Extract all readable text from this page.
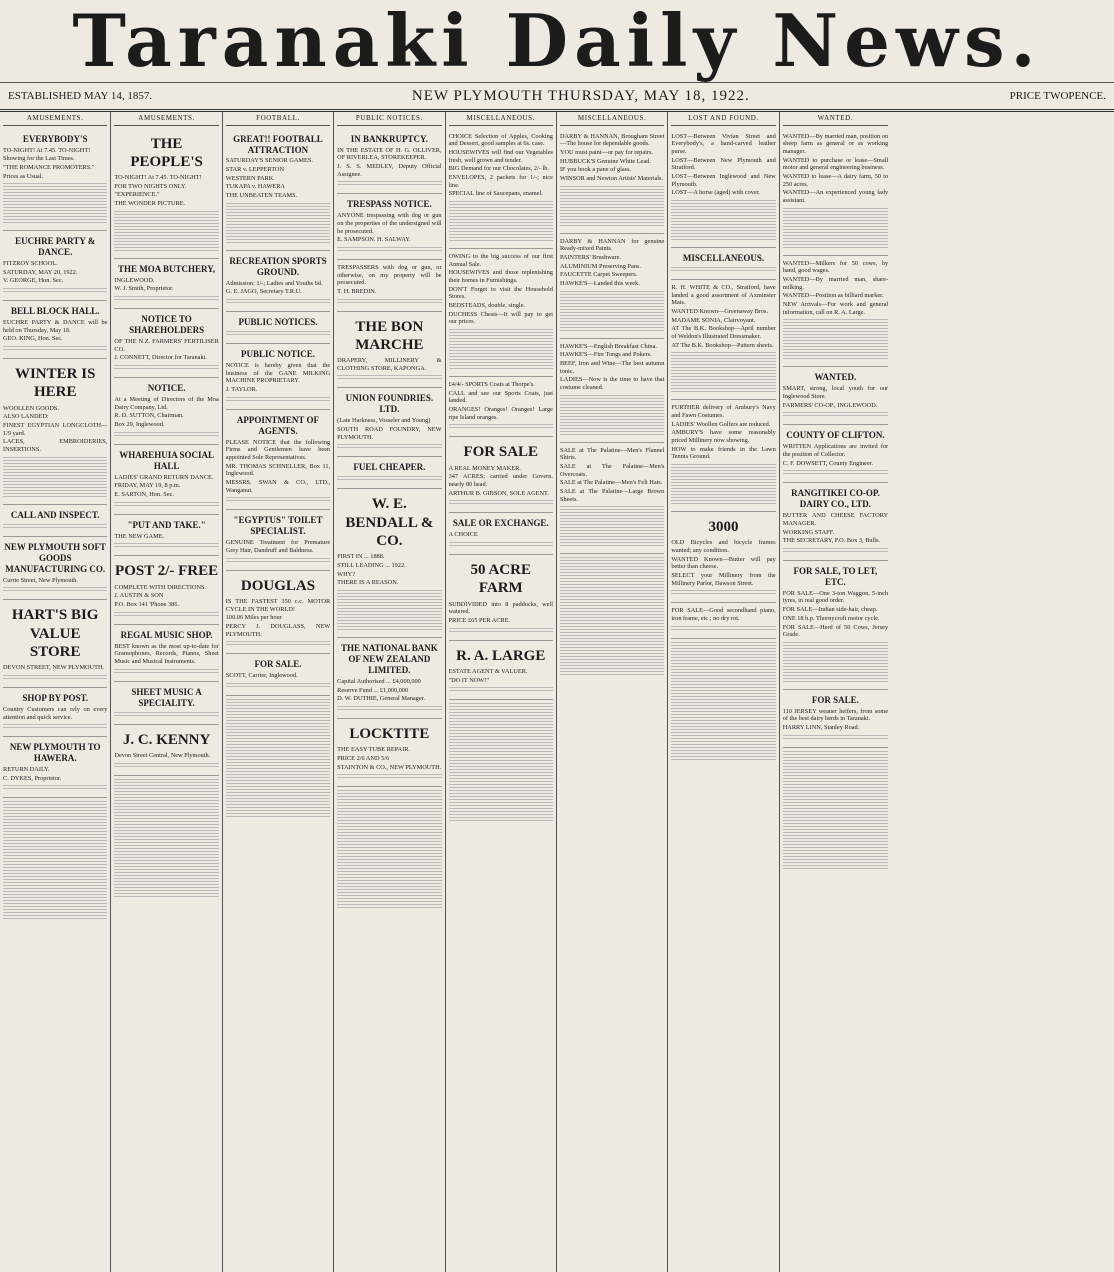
Taranaki Daily News.
ESTABLISHED MAY 14, 1857.	NEW PLYMOUTH THURSDAY, MAY 18, 1922.	PRICE TWOPENCE.
AMUSEMENTS.
EVERYBODY'S

TO-NIGHT! At 7.45. TO-NIGHT!

Showing for the Last Times.

"THE ROMANCE PROMOTERS."

Prices as Usual.

EUCHRE PARTY & DANCE.

FITZROY SCHOOL.

SATURDAY, MAY 20, 1922.

V. GEORGE, Hon. Sec.

BELL BLOCK HALL.

EUCHRE PARTY & DANCE will be held on Thursday, May 18.

GEO. KING, Hon. Sec.

WINTER IS HERE

WOOLLEN GOODS.

ALSO LANDED:

FINEST EGYPTIAN LONGCLOTH—1/9 yard.

LACES, EMBROIDERIES, INSERTIONS.

CALL AND INSPECT.
NEW PLYMOUTH SOFT GOODS MANUFACTURING CO.

Currie Street, New Plymouth.

HART'S BIG VALUE STORE

DEVON STREET, NEW PLYMOUTH.

SHOP BY POST.

Country Customers can rely on every attention and quick service.

NEW PLYMOUTH TO HAWERA.

RETURN DAILY.

C. DYKES, Proprietor.

AMUSEMENTS.
THE PEOPLE'S

TO-NIGHT! At 7.45. TO-NIGHT!

FOR TWO NIGHTS ONLY.

"EXPERIENCE."

THE WONDER PICTURE.

THE MOA BUTCHERY,

INGLEWOOD.

W. J. Smith, Proprietor.

NOTICE TO SHAREHOLDERS

OF THE N.Z. FARMERS' FERTILISER CO.

J. CONNETT, Director for Taranaki.

NOTICE.

At a Meeting of Directors of the Moa Dairy Company, Ltd.

R. D. SUTTON, Chairman.

Box 29, Inglewood.

WHAREHUIA SOCIAL HALL

LADIES' GRAND RETURN DANCE.

FRIDAY, MAY 19, 8 p.m.

E. SARTON, Hon. Sec.

"PUT AND TAKE."

THE NEW GAME.

POST 2/- FREE

COMPLETE WITH DIRECTIONS.

J. AUSTIN & SON

P.O. Box 141 'Phone 386.

REGAL MUSIC SHOP.

BEST known as the most up-to-date for Gramophones, Records, Pianos, Sheet Music and Musical Instruments.

SHEET MUSIC A SPECIALITY.
J. C. KENNY

Devon Street Central, New Plymouth.

FOOTBALL.
GREAT!! FOOTBALL ATTRACTION

SATURDAY'S SENIOR GAMES.

STAR v. LEPPERTON

WESTERN PARK.

TUKAPA v. HAWERA

THE UNBEATEN TEAMS.

RECREATION SPORTS GROUND.

Admission: 1/-; Ladies and Youths 6d.

G. E. JAGO, Secretary T.R.U.

PUBLIC NOTICES.
PUBLIC NOTICE.

NOTICE is hereby given that the business of the GANE MILKING MACHINE PROPRIETARY.

J. TAYLOR.

APPOINTMENT OF AGENTS.

PLEASE NOTICE that the following Firms and Gentlemen have been appointed Sole Representatives.

MR. THOMAS SCHNELLER, Box 11, Inglewood.

MESSRS. SWAN & CO., LTD., Wanganui.

"EGYPTUS" TOILET SPECIALIST.

GENUINE Treatment for Premature Grey Hair, Dandruff and Baldness.

DOUGLAS

IS THE FASTEST 350 c.c. MOTOR CYCLE IN THE WORLD!

100.06 Miles per hour

PERCY J. DOUGLASS, NEW PLYMOUTH.

FOR SALE.

SCOTT, Carrier, Inglewood.

PUBLIC NOTICES.
IN BANKRUPTCY.

IN THE ESTATE OF H. G. OLLIVER, OF RIVERLEA, STOREKEEPER.

J. S. S. MEDLEY, Deputy Official Assignee.

TRESPASS NOTICE.

ANYONE trespassing with dog or gun on the properties of the undersigned will be prosecuted.

E. SAMPSON. H. SALWAY.

TRESPASSERS with dog or gun, or otherwise, on my property will be prosecuted.

T. H. BREDIN.

THE BON MARCHE

DRAPERY, MILLINERY & CLOTHING STORE, KAPONGA.

UNION FOUNDRIES. LTD.

(Late Harkness, Vosseler and Young)

SOUTH ROAD FOUNDRY, NEW PLYMOUTH.

FUEL CHEAPER.
W. E. BENDALL & CO.

FIRST IN ... 1888.

STILL LEADING ... 1922.

WHY?

THERE IS A REASON.

THE NATIONAL BANK OF NEW ZEALAND LIMITED.

Capital Authorised ... £4,000,000

Reserve Fund ... £1,000,000

D. W. DUTHIE, General Manager.

LOCKTITE

THE EASY TUBE REPAIR.

PRICE 2/6 AND 5/6

STAINTON & CO., NEW PLYMOUTH.

MISCELLANEOUS.

CHOICE Selection of Apples, Cooking and Dessert, good samples at 6s. case.

HOUSEWIVES will find our Vegetables fresh, well grown and tender.

BIG Demand for our Chocolates, 2/- lb.

ENVELOPES, 2 packets for 1/-; nice line.

SPECIAL line of Saucepans, enamel.

OWING to the big success of our first Annual Sale.

HOUSEWIVES and those replenishing their homes in Furnishings.

DON'T Forget to visit the Household Stores.

BEDSTEADS, double, single.

DUCHESS Chests—It will pay to get our prices.

£4/4/- SPORTS Coats at Thorpe's.

CALL and see our Sports Coats, just landed.

ORANGES! Oranges! Oranges! Large ripe Island oranges.

FOR SALE

A REAL MONEY MAKER.

347 ACRES; carried under Govern. nearly 80 head.

ARTHUR B. GIBSON, SOLE AGENT.

SALE OR EXCHANGE.

A CHOICE

50 ACRE FARM

SUBDIVIDED into 8 paddocks, well watered.

PRICE £65 PER ACRE.

R. A. LARGE

ESTATE AGENT & VALUER.

"DO IT NOW!"

MISCELLANEOUS.

DARBY & HANNAN, Brougham Street—The house for dependable goods.

YOU must paint—or pay for repairs.

HUBBUCK'S Genuine White Lead.

IF you book a pane of glass.

WINSOR and Newton Artists' Materials.

DARBY & HANNAN for genuine Ready-mixed Paints.

PAINTERS' Brushware.

ALUMINIUM Preserving Pans.

FAUCETTE Carpet Sweepers.

HAWKE'S—Landed this week.

HAWKE'S—English Breakfast China.

HAWKE'S—Fire Tongs and Pokers.

BEEF, Iron and Wine—The best autumn tonic.

LADIES—Now is the time to have that costume cleaned.

SALE at The Palatine—Men's Flannel Shirts.

SALE at The Palatine—Men's Overcoats.

SALE at The Palatine—Men's Felt Hats.

SALE at The Palatine—Large Brown Sheets.

LOST AND FOUND.

LOST—Between Vivian Street and Everybody's, a hand-carved leather purse.

LOST—Between New Plymouth and Stratford.

LOST—Between Inglewood and New Plymouth.

LOST—A horse (aged) with cover.

MISCELLANEOUS.

R. H. WHITE & CO., Stratford, have landed a good assortment of Axminster Mats.

WANTED Known—Greenaway Bros.

MADAME SONIA, Clairvoyant.

AT The B.K. Bookshop—April number of Weldon's Illustrated Dressmaker.

AT The B.K. Bookshop—Pattern sheets.

FURTHER delivery of Ambury's Navy and Fawn Costumes.

LADIES' Woollen Golfers are reduced.

AMBURY'S have some reasonably priced Millinery now showing.

HOW to make friends in the Lawn Tennis Ground.

3000

OLD Bicycles and bicycle frames wanted; any condition.

WANTED Known—Butter will pay better than cheese.

SELECT your Millinery from the Millinery Parlor, Dawson Street.

FOR SALE—Good secondhand piano, iron frame, etc.; no dry rot.

WANTED.

WANTED—By married man, position on sheep farm as general or as working manager.

WANTED to purchase or lease—Small motor and general engineering business.

WANTED to lease—A dairy farm, 50 to 250 acres.

WANTED—An experienced young lady assistant.

WANTED—Milkers for 50 cows, by hand, good wages.

WANTED—By married man, share-milking.

WANTED—Position as billiard marker.

NEW Arrivals—For work and general information, call on R. A. Large.

WANTED.

SMART, strong, local youth for our Inglewood Store.

FARMERS' CO-OP., INGLEWOOD.

COUNTY OF CLIFTON.

WRITTEN Applications are invited for the position of Collector.

C. F. DOWSETT, County Engineer.

RANGITIKEI CO-OP. DAIRY CO., LTD.

BUTTER AND CHEESE FACTORY MANAGER.

WORKING STAFF.

THE SECRETARY, P.O. Box 3, Bulls.

FOR SALE, TO LET, ETC.

FOR SALE—One 3-ton Waggon, 5-inch tyres, in real good order.

FOR SALE—Indian side-hair, cheap.

ONE 18 h.p. Thornycroft motor cycle.

FOR SALE—Herd of 50 Cows, Jersey Grade.

FOR SALE.

110 JERSEY weaner heifers, from some of the best dairy herds in Taranaki.

HARRY LINN, Stanley Road.
